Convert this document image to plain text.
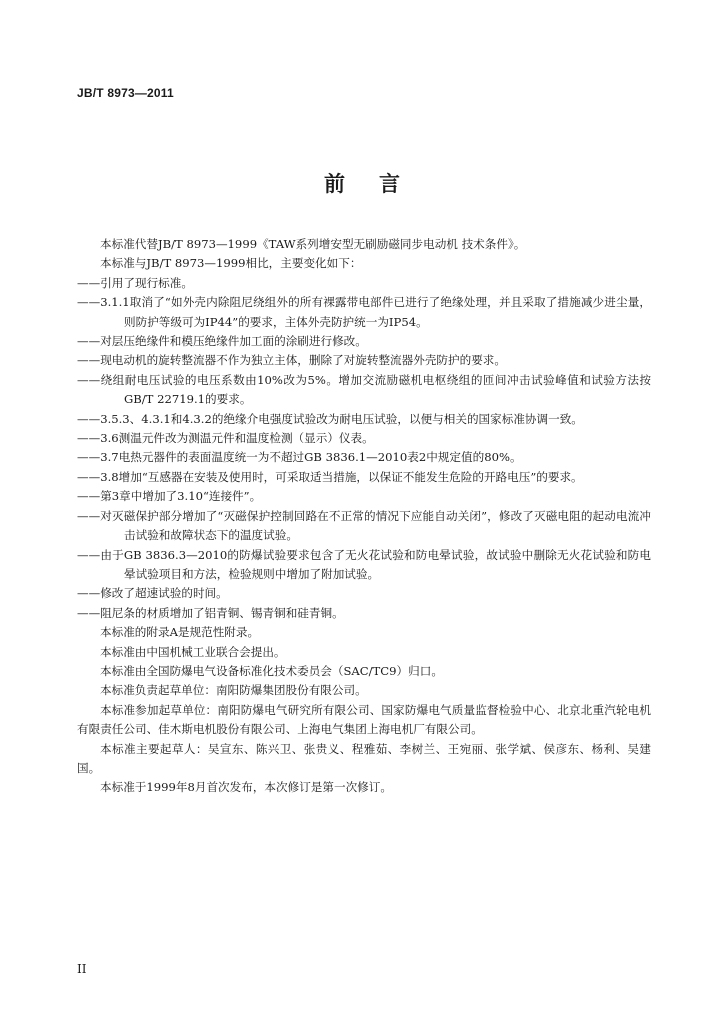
JB/T 8973—2011
前言

本标准代替JB/T 8973—1999《TAW系列增安型无刷励磁同步电动机 技术条件》。

本标准与JB/T 8973—1999相比，主要变化如下：

——引用了现行标准。

——3.1.1取消了“如外壳内除阻尼绕组外的所有裸露带电部件已进行了绝缘处理，并且采取了措施减少进尘量，则防护等级可为IP44”的要求，主体外壳防护统一为IP54。

——对层压绝缘件和模压绝缘件加工面的涂刷进行修改。

——现电动机的旋转整流器不作为独立主体，删除了对旋转整流器外壳防护的要求。

——绕组耐电压试验的电压系数由10%改为5%。增加交流励磁机电枢绕组的匝间冲击试验峰值和试验方法按GB/T 22719.1的要求。

——3.5.3、4.3.1和4.3.2的绝缘介电强度试验改为耐电压试验，以便与相关的国家标准协调一致。

——3.6测温元件改为测温元件和温度检测（显示）仪表。

——3.7电热元器件的表面温度统一为不超过GB 3836.1—2010表2中规定值的80%。

——3.8增加“互感器在安装及使用时，可采取适当措施，以保证不能发生危险的开路电压”的要求。

——第3章中增加了3.10“连接件”。

——对灭磁保护部分增加了“灭磁保护控制回路在不正常的情况下应能自动关闭”，修改了灭磁电阻的起动电流冲击试验和故障状态下的温度试验。

——由于GB 3836.3—2010的防爆试验要求包含了无火花试验和防电晕试验，故试验中删除无火花试验和防电晕试验项目和方法，检验规则中增加了附加试验。

——修改了超速试验的时间。

——阻尼条的材质增加了铝青铜、锡青铜和硅青铜。

本标准的附录A是规范性附录。

本标准由中国机械工业联合会提出。

本标准由全国防爆电气设备标准化技术委员会（SAC/TC9）归口。

本标准负责起草单位：南阳防爆集团股份有限公司。

本标准参加起草单位：南阳防爆电气研究所有限公司、国家防爆电气质量监督检验中心、北京北重汽轮电机有限责任公司、佳木斯电机股份有限公司、上海电气集团上海电机厂有限公司。

本标准主要起草人：吴宣东、陈兴卫、张贵义、程雅茹、李树兰、王宛丽、张学斌、侯彦东、杨利、吴建国。

本标准于1999年8月首次发布，本次修订是第一次修订。

II
